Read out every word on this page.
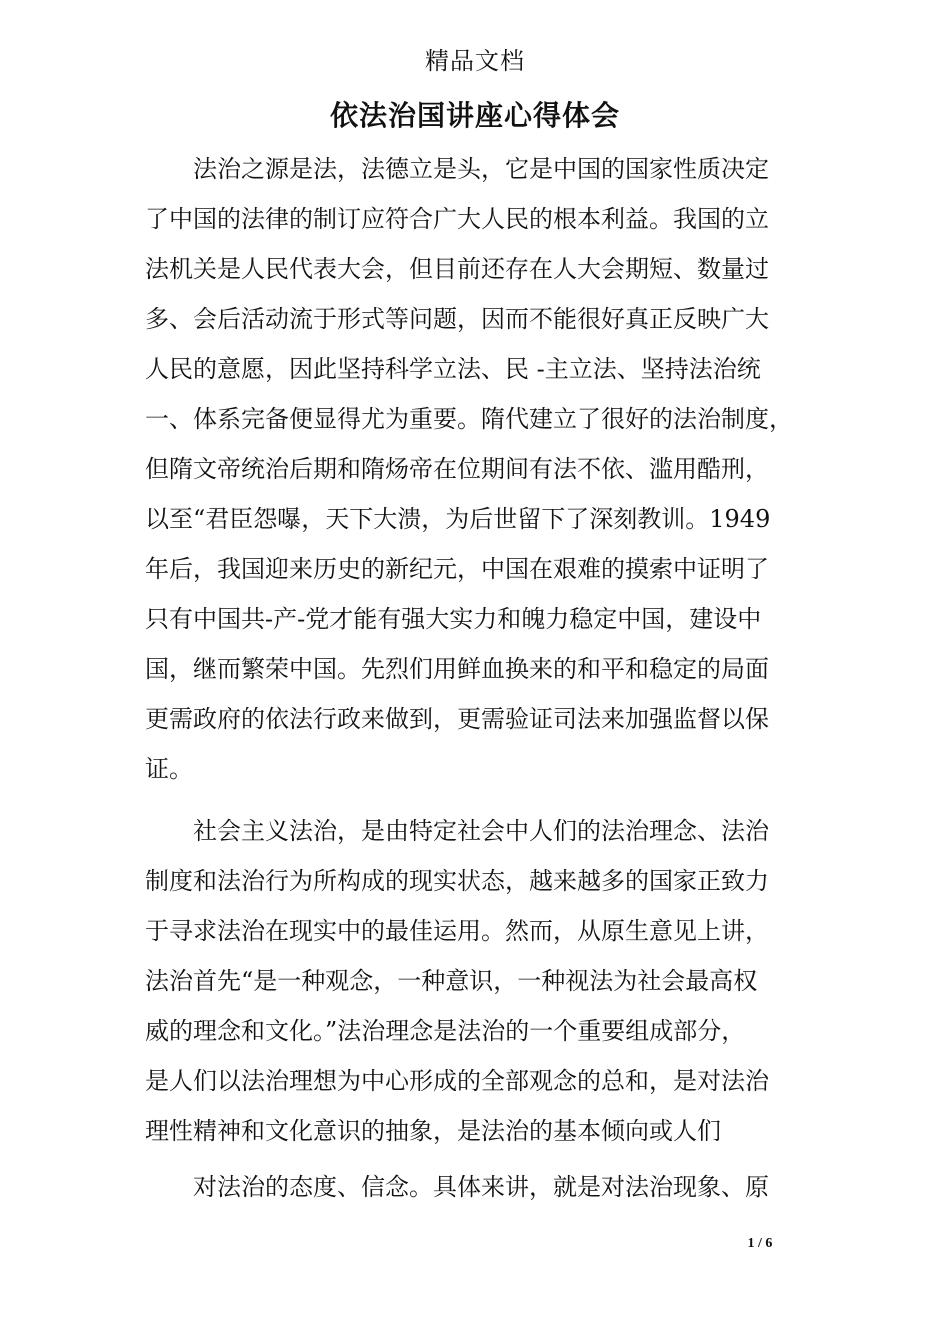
精品文档
依法治国讲座心得体会
法治之源是法，法德立是头，它是中国的国家性质决定
了中国的法律的制订应符合广大人民的根本利益。我国的立
法机关是人民代表大会，但目前还存在人大会期短、数量过
多、会后活动流于形式等问题，因而不能很好真正反映广大
人民的意愿，因此坚持科学立法、民 -主立法、坚持法治统
一、体系完备便显得尤为重要。隋代建立了很好的法治制度，
但隋文帝统治后期和隋炀帝在位期间有法不依、滥用酷刑，
以至“君臣怨嚗，天下大溃，为后世留下了深刻教训。1949
年后，我国迎来历史的新纪元，中国在艰难的摸索中证明了
只有中国共-产-党才能有强大实力和魄力稳定中国，建设中
国，继而繁荣中国。先烈们用鲜血换来的和平和稳定的局面
更需政府的依法行政来做到，更需验证司法来加强监督以保
证。
社会主义法治，是由特定社会中人们的法治理念、法治
制度和法治行为所构成的现实状态，越来越多的国家正致力
于寻求法治在现实中的最佳运用。然而，从原生意见上讲，
法治首先“是一种观念，一种意识，一种视法为社会最高权
威的理念和文化。”法治理念是法治的一个重要组成部分，
是人们以法治理想为中心形成的全部观念的总和，是对法治
理性精神和文化意识的抽象，是法治的基本倾向或人们
对法治的态度、信念。具体来讲，就是对法治现象、原
1 / 6
